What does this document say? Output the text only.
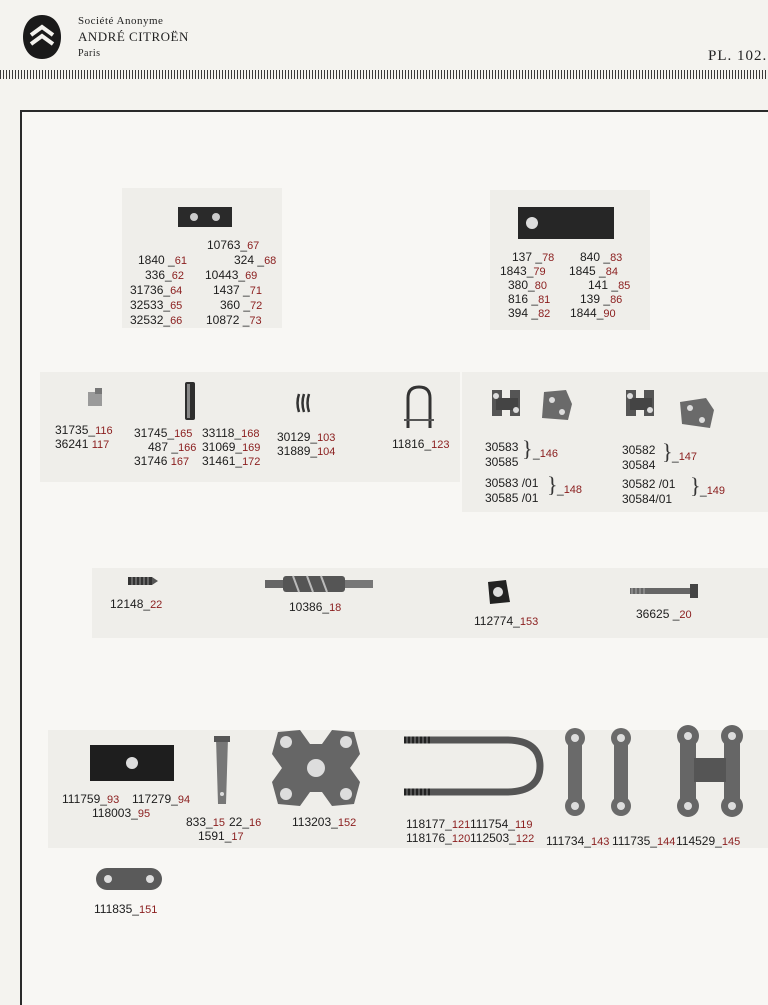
Société Anonyme
ANDRÉ CITROËN
Paris	PL. 102.
10763_67
1840 _61	324 _68
336_62 10443_69
31736_64	1437 _71
32533_65	360 _72
32532_66 10872 _73
137 _78 840 _83
1843_79 1845 _84
380_80	141 _85
816 _81 139 _86
394 _82 1844_90
31735_116
36241 117
31745_165 33118_168
487 _166 31069_169
31746 167 31461_172
30129_103
31889_104
11816_123	30583
30585
} _146
30583 /01
30585 /01
} _148
30582
30584
} _147
30582 /01
30584/01
} _149
12148_22	10386_18
112774_153
36625 _20
111759_93 117279_94
118003_95
833_15 22_16
1591_17
113203_152	118177_121 111754_119
118176_120 112503_122 111734_143 111735_144 114529_145
111835_151
